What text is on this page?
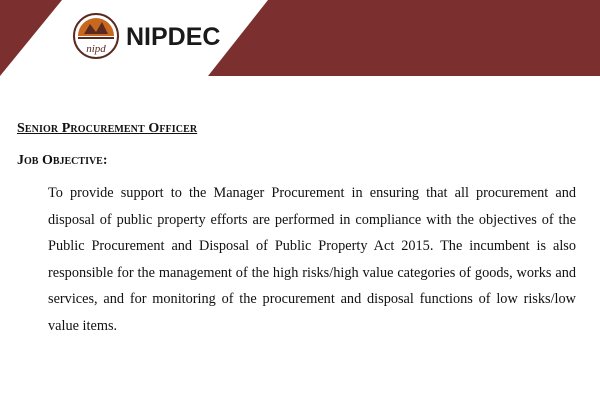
nipd NIPDEC
Senior Procurement Officer
Job Objective:

To provide support to the Manager Procurement in ensuring that all procurement and disposal of public property efforts are performed in compliance with the objectives of the Public Procurement and Disposal of Public Property Act 2015. The incumbent is also responsible for the management of the high risks/high value categories of goods, works and services, and for monitoring of the procurement and disposal functions of low risks/low value items.
